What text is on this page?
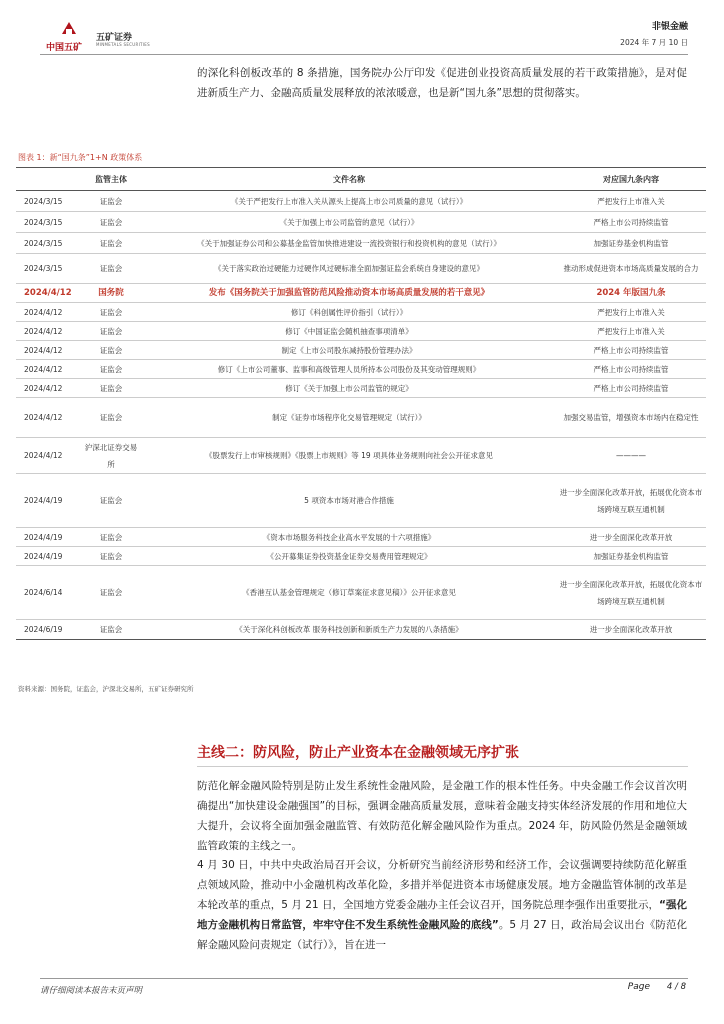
中国五矿
五矿证券
MINMETALS SECURITIES
非银金融
2024 年 7 月 10 日

的深化科创板改革的 8 条措施，国务院办公厅印发《促进创业投资高质量发展的若干政策措施》，是对促进新质生产力、金融高质量发展释放的浓浓暖意，也是新“国九条”思想的贯彻落实。

图表 1：新“国九条”1+N 政策体系
	监管主体	文件名称	对应国九条内容
2024/3/15	证监会	《关于严把发行上市准入关从源头上提高上市公司质量的意见（试行）》	严把发行上市准入关
2024/3/15	证监会	《关于加强上市公司监管的意见（试行）》	严格上市公司持续监管
2024/3/15	证监会	《关于加强证券公司和公募基金监管加快推进建设一流投资银行和投资机构的意见（试行）》	加强证券基金机构监管
2024/3/15	证监会	《关于落实政治过硬能力过硬作风过硬标准全面加强证监会系统自身建设的意见》	推动形成促进资本市场高质量发展的合力
2024/4/12	国务院	发布《国务院关于加强监管防范风险推动资本市场高质量发展的若干意见》	2024 年版国九条
2024/4/12	证监会	修订《科创属性评价指引（试行）》	严把发行上市准入关
2024/4/12	证监会	修订《中国证监会随机抽查事项清单》	严把发行上市准入关
2024/4/12	证监会	制定《上市公司股东减持股份管理办法》	严格上市公司持续监管
2024/4/12	证监会	修订《上市公司董事、监事和高级管理人员所持本公司股份及其变动管理规则》	严格上市公司持续监管
2024/4/12	证监会	修订《关于加强上市公司监管的规定》	严格上市公司持续监管
2024/4/12	证监会	制定《证券市场程序化交易管理规定（试行）》	加强交易监管，增强资本市场内在稳定性
2024/4/12	沪深北证券交易所	《股票发行上市审核规则》《股票上市规则》等 19 项具体业务规则向社会公开征求意见	————
2024/4/19	证监会	5 项资本市场对港合作措施	进一步全面深化改革开放，拓展优化资本市场跨境互联互通机制
2024/4/19	证监会	《资本市场服务科技企业高水平发展的十六项措施》	进一步全面深化改革开放
2024/4/19	证监会	《公开募集证券投资基金证券交易费用管理规定》	加强证券基金机构监管
2024/6/14	证监会	《香港互认基金管理规定（修订草案征求意见稿）》公开征求意见	进一步全面深化改革开放，拓展优化资本市场跨境互联互通机制
2024/6/19	证监会	《关于深化科创板改革 服务科技创新和新质生产力发展的八条措施》	进一步全面深化改革开放
资料来源：国务院，证监会，沪深北交易所，五矿证券研究所
主线二：防风险，防止产业资本在金融领域无序扩张

防范化解金融风险特别是防止发生系统性金融风险，是金融工作的根本性任务。中央金融工作会议首次明确提出“加快建设金融强国”的目标，强调金融高质量发展，意味着金融支持实体经济发展的作用和地位大大提升，会议将全面加强金融监管、有效防范化解金融风险作为重点。2024 年，防风险仍然是金融领域监管政策的主线之一。

4 月 30 日，中共中央政治局召开会议，分析研究当前经济形势和经济工作，会议强调要持续防范化解重点领域风险，推动中小金融机构改革化险，多措并举促进资本市场健康发展。地方金融监管体制的改革是本轮改革的重点，5 月 21 日，全国地方党委金融办主任会议召开，国务院总理李强作出重要批示，“强化地方金融机构日常监管，牢牢守住不发生系统性金融风险的底线”。5 月 27 日，政治局会议出台《防范化解金融风险问责规定（试行）》，旨在进一

请仔细阅读本报告末页声明	Page 4 / 8
